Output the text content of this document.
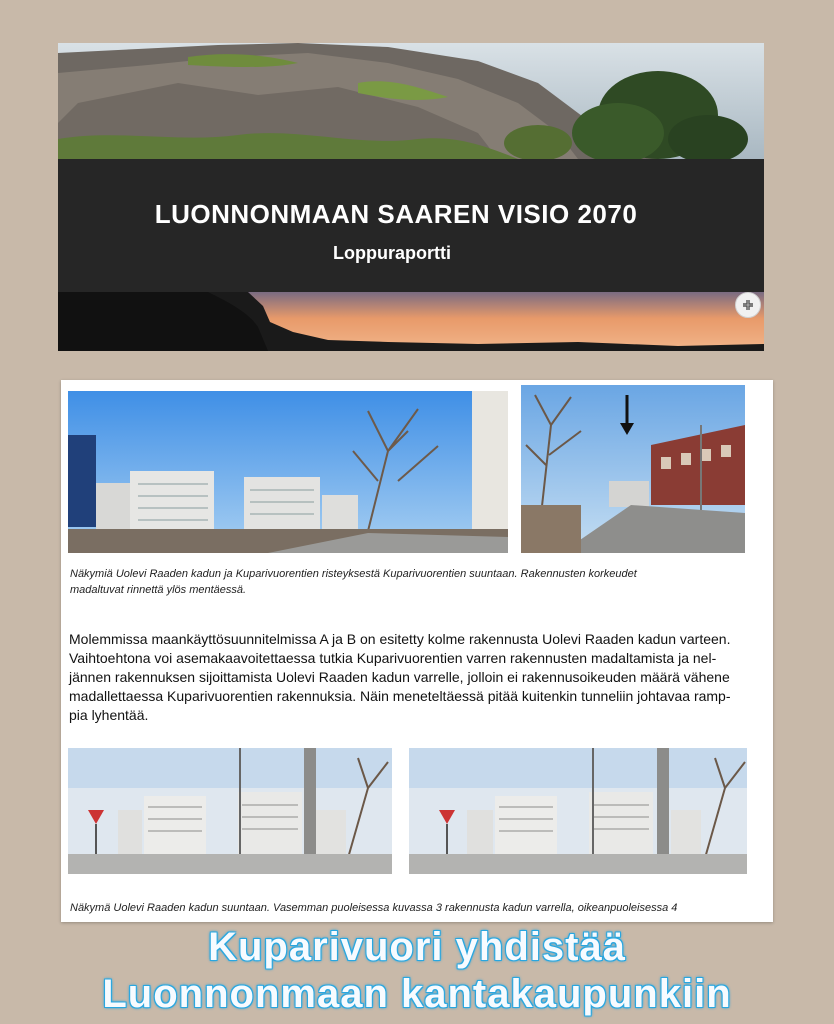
LUONNONMAAN SAAREN VISIO 2070
Loppuraportti

Näkymiä Uolevi Raaden kadun ja Kuparivuorentien risteyksestä Kuparivuorentien suuntaan. Rakennusten korkeudet
madaltuvat rinnettä ylös mentäessä.

Molemmissa maankäyttösuunnitelmissa A ja B on esitetty kolme rakennusta Uolevi Raaden kadun varteen.
Vaihtoehtona voi asemakaavoitettaessa tutkia Kuparivuorentien varren rakennusten madaltamista ja nel-
jännen rakennuksen sijoittamista Uolevi Raaden kadun varrelle, jolloin ei rakennusoikeuden määrä vähene
madallettaessa Kuparivuorentien rakennuksia. Näin meneteltäessä pitää kuitenkin tunneliin johtavaa ramp-
pia lyhentää.

Näkymä Uolevi Raaden kadun suuntaan. Vasemman puoleisessa kuvassa 3 rakennusta kadun varrella, oikeanpuoleisessa 4

Kuparivuori yhdistää
Luonnonmaan kantakaupunkiin
